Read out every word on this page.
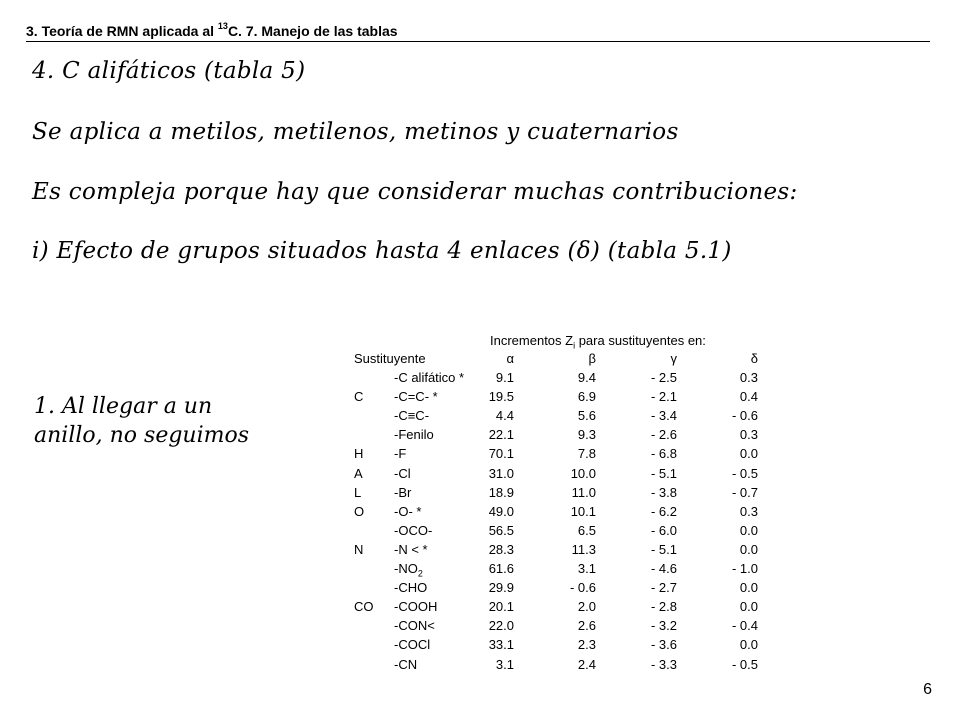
3. Teoría de RMN aplicada al $^{13}$C. 7. Manejo de las tablas
4. C alifáticos (tabla 5)
Se aplica a metilos, metilenos, metinos y cuaternarios
Es compleja porque hay que considerar muchas contribuciones:
i) Efecto de grupos situados hasta 4 enlaces (δ) (tabla 5.1)
1. Al llegar a un
anillo, no seguimos
Incrementos $Z_i$ para sustituyentes en:
Sustituyente	α	β	γ	δ
-C alifático * 9.1	9.4	- 2.5	0.3
C -C=C- *	19.5	6.9	- 2.1	0.4
-C≡C-	4.4	5.6	- 3.4	- 0.6
-Fenilo	22.1	9.3	- 2.6	0.3
H -F	70.1	7.8	- 6.8	0.0
A -Cl	31.0	10.0	- 5.1	- 0.5
L	-Br	18.9	11.0	- 3.8	- 0.7
O -O- *	49.0	10.1	- 6.2	0.3
-OCO-	56.5	6.5	- 6.0	0.0
N -N < *	28.3	11.3	- 5.1	0.0
$-NO_2$	61.6	3.1	- 4.6	- 1.0
-CHO	29.9	- 0.6	- 2.7	0.0
CO -COOH	20.1	2.0	- 2.8	0.0
-CON<	22.0	2.6	- 3.2	- 0.4
-COCl	33.1	2.3	- 3.6	0.0
-CN	3.1	2.4	- 3.3	- 0.5
6
